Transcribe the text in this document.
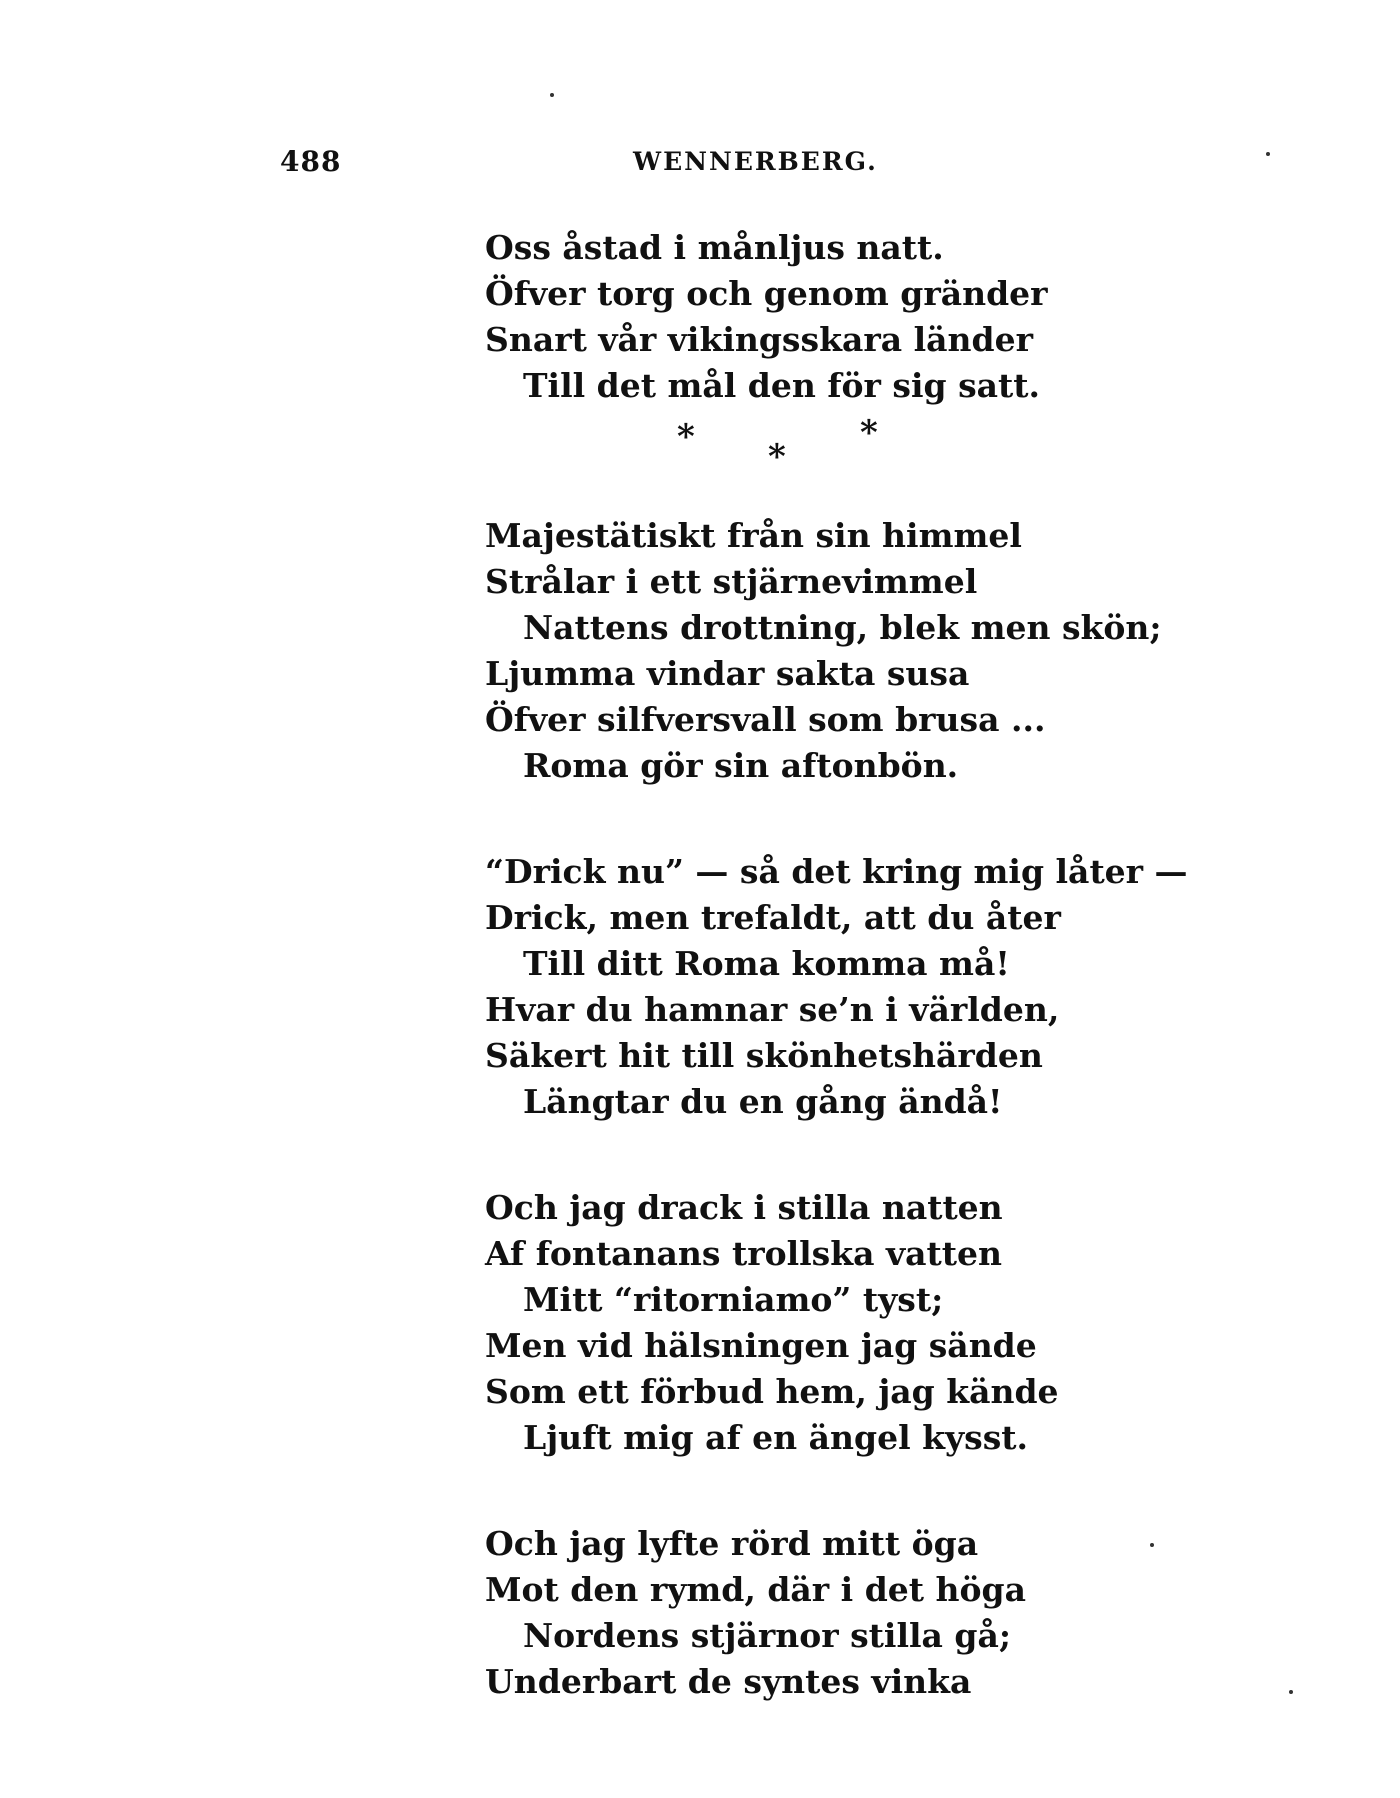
488	WENNERBERG.
Oss åstad i månljus natt.
Öfver torg och genom gränder
Snart vår vikingsskara länder
Till det mål den för sig satt.
* *
*
Majestätiskt från sin himmel
Strålar i ett stjärnevimmel
Nattens drottning, blek men skön;
Ljumma vindar sakta susa
Öfver silfversvall som brusa ...
Roma gör sin aftonbön.
“Drick nu” — så det kring mig låter —
Drick, men trefaldt, att du åter
Till ditt Roma komma må!
Hvar du hamnar se’n i världen,
Säkert hit till skönhetshärden
Längtar du en gång ändå!
Och jag drack i stilla natten
Af fontanans trollska vatten
Mitt “ritorniamo” tyst;
Men vid hälsningen jag sände
Som ett förbud hem, jag kände
Ljuft mig af en ängel kysst.
Och jag lyfte rörd mitt öga
Mot den rymd, där i det höga
Nordens stjärnor stilla gå;
Underbart de syntes vinka
